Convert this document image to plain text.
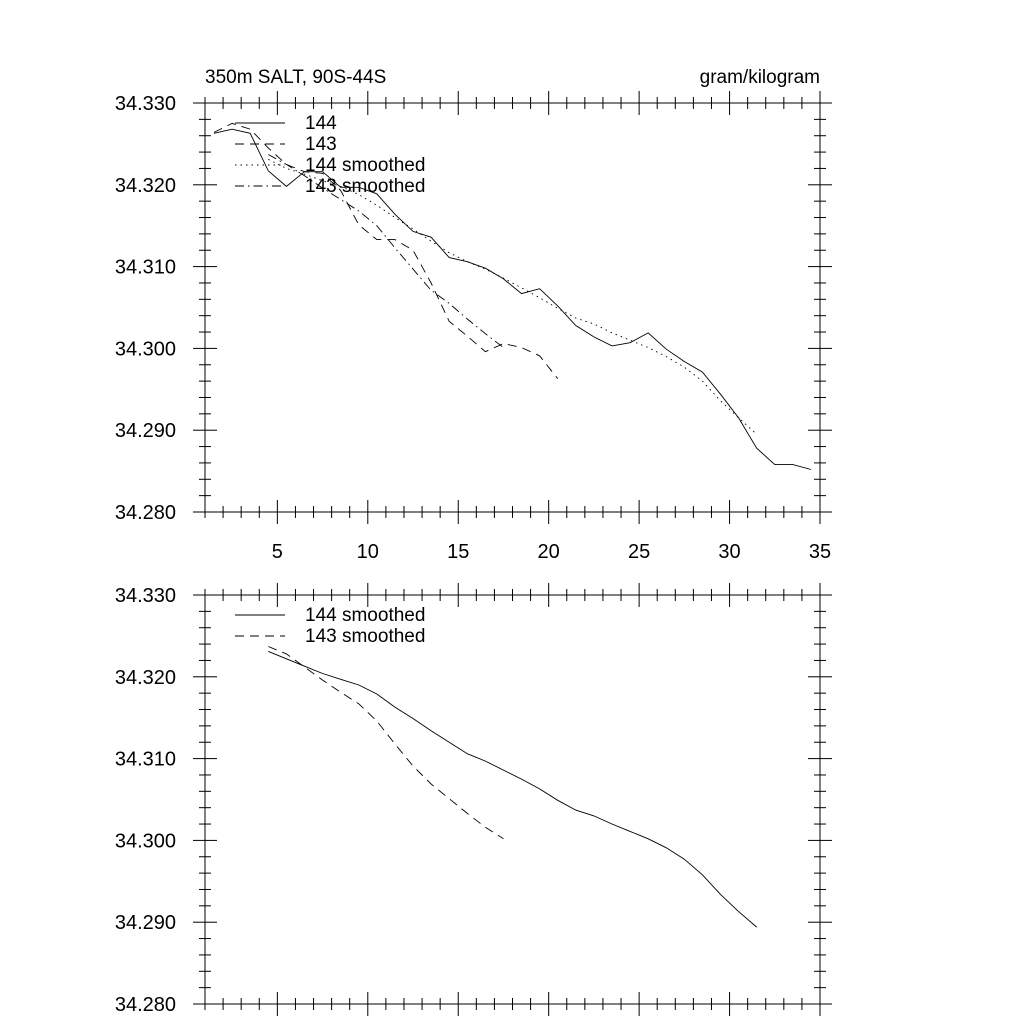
5	10	15	20	25	30	35
34.330
34.320
34.310
34.300
34.290
34.280
350m SALT, 90S-44S	gram/kilogram
144
143
144 smoothed
143 smoothed
34.330
34.320
34.310
34.300
34.290
34.280
144 smoothed
143 smoothed
